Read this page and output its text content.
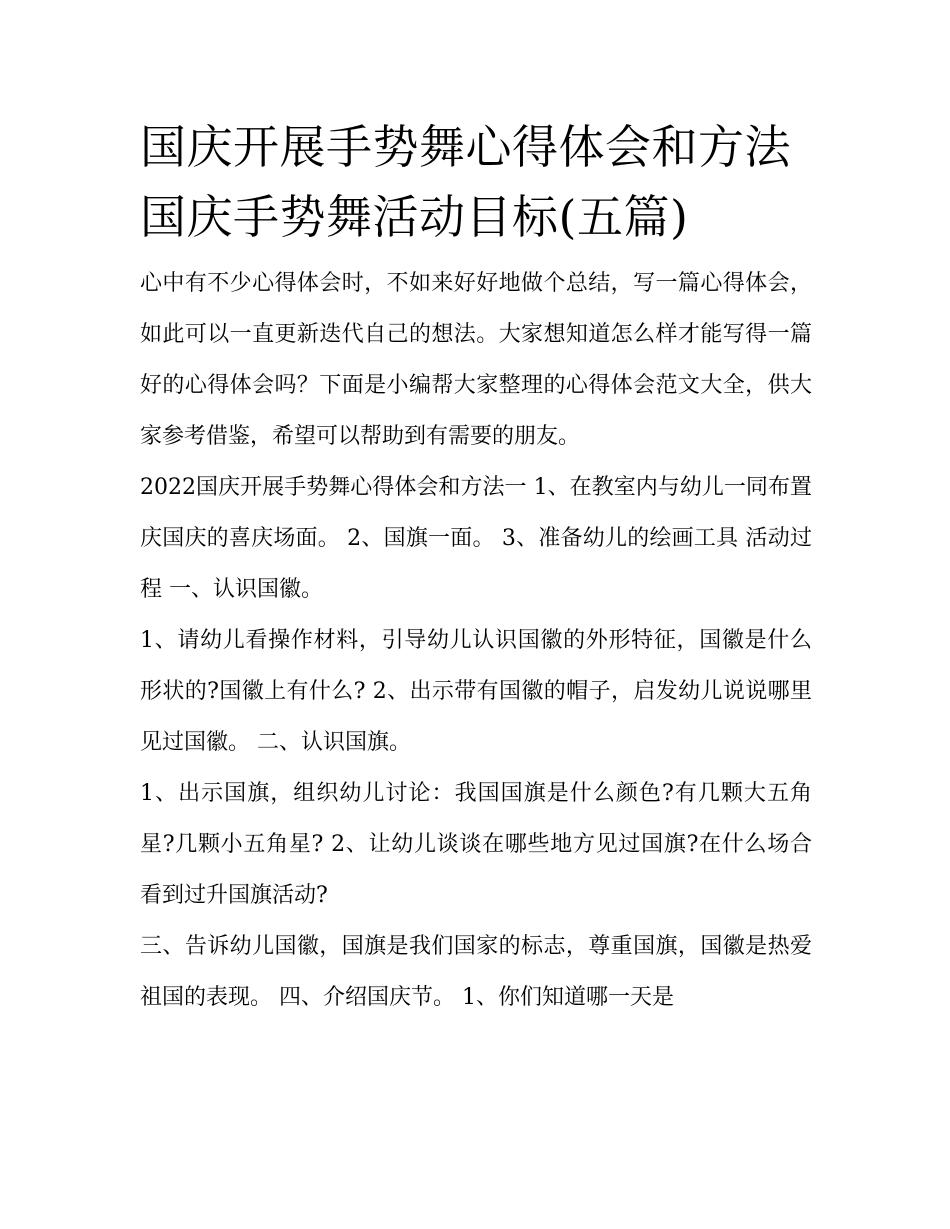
国庆开展手势舞心得体会和方法 国庆手势舞活动目标(五篇)

心中有不少心得体会时，不如来好好地做个总结，写一篇心得体会，如此可以一直更新迭代自己的想法。大家想知道怎么样才能写得一篇好的心得体会吗？下面是小编帮大家整理的心得体会范文大全，供大家参考借鉴，希望可以帮助到有需要的朋友。

2022国庆开展手势舞心得体会和方法一 1、在教室内与幼儿一同布置庆国庆的喜庆场面。 2、国旗一面。 3、准备幼儿的绘画工具 活动过程 一、认识国徽。

1、请幼儿看操作材料，引导幼儿认识国徽的外形特征，国徽是什么形状的?国徽上有什么? 2、出示带有国徽的帽子，启发幼儿说说哪里见过国徽。 二、认识国旗。

1、出示国旗，组织幼儿讨论：我国国旗是什么颜色?有几颗大五角星?几颗小五角星? 2、让幼儿谈谈在哪些地方见过国旗?在什么场合看到过升国旗活动?

三、告诉幼儿国徽，国旗是我们国家的标志，尊重国旗，国徽是热爱祖国的表现。 四、介绍国庆节。 1、你们知道哪一天是
